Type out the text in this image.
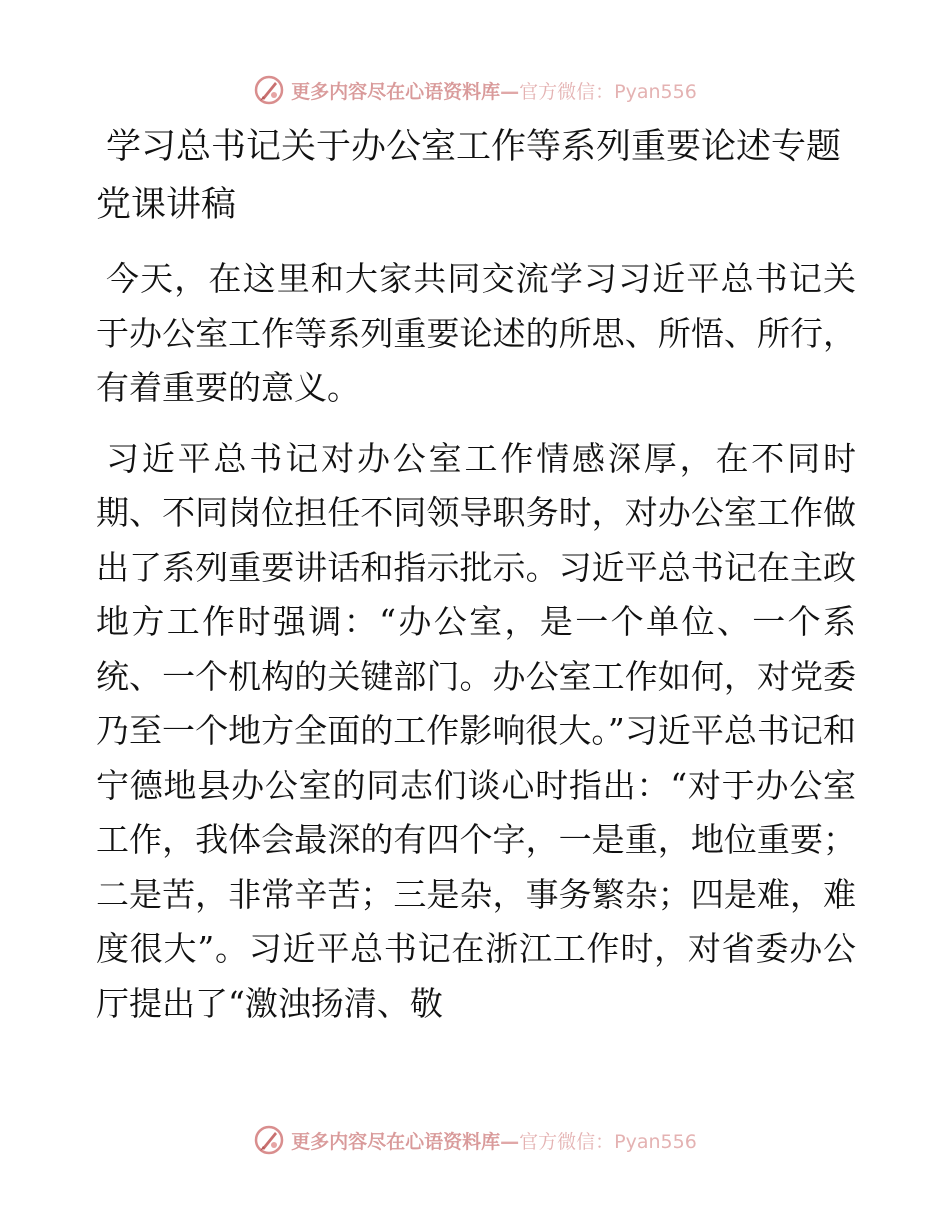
更多内容尽在心语资料库—官方微信：Pyan556
学习总书记关于办公室工作等系列重要论述专题党课讲稿

今天，在这里和大家共同交流学习习近平总书记关于办公室工作等系列重要论述的所思、所悟、所行，有着重要的意义。

习近平总书记对办公室工作情感深厚，在不同时期、不同岗位担任不同领导职务时，对办公室工作做出了系列重要讲话和指示批示。习近平总书记在主政地方工作时强调：“办公室，是一个单位、一个系统、一个机构的关键部门。办公室工作如何，对党委乃至一个地方全面的工作影响很大。”习近平总书记和宁德地县办公室的同志们谈心时指出：“对于办公室工作，我体会最深的有四个字，一是重，地位重要；二是苦，非常辛苦；三是杂，事务繁杂；四是难，难度很大”。习近平总书记在浙江工作时，对省委办公厅提出了“激浊扬清、敬

更多内容尽在心语资料库—官方微信：Pyan556
